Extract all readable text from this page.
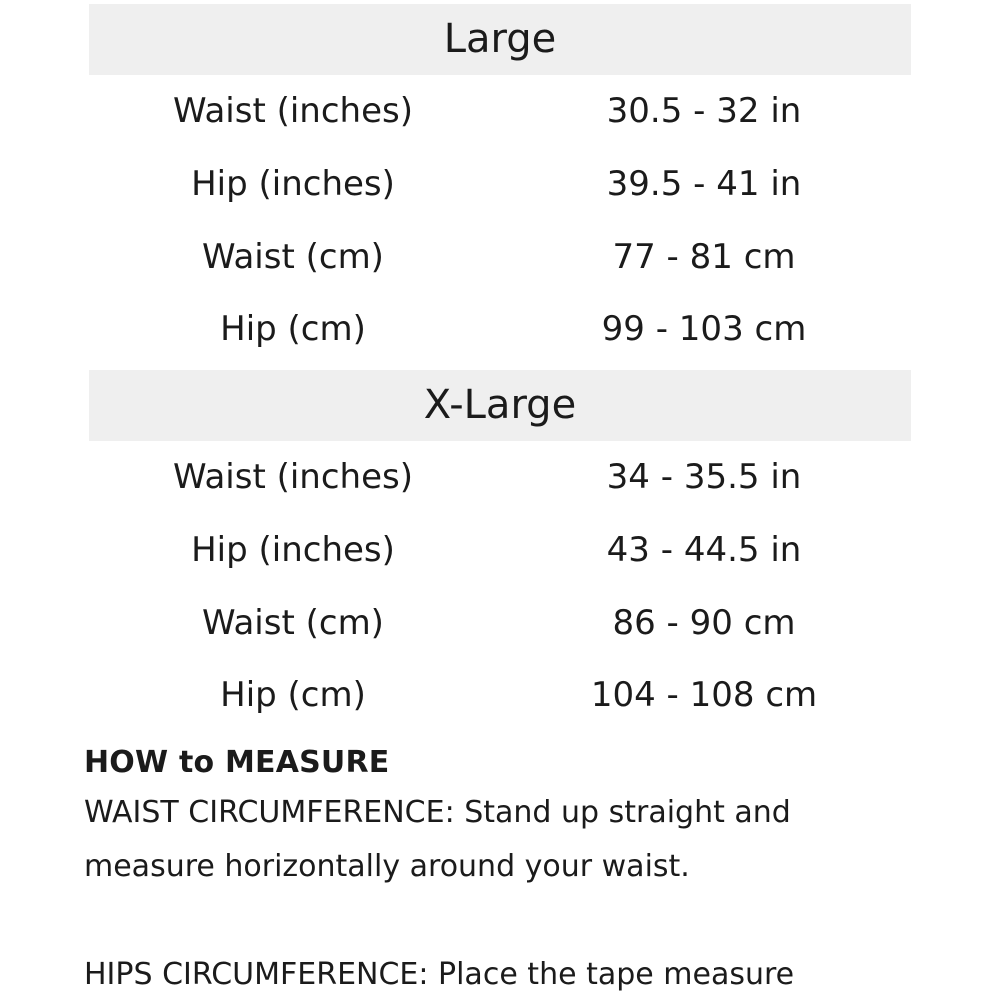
Large
Waist (inches)	30.5 - 32 in
Hip (inches)	39.5 - 41 in
Waist (cm)	77 - 81 cm
Hip (cm)	99 - 103 cm
X-Large
Waist (inches)	34 - 35.5 in
Hip (inches)	43 - 44.5 in
Waist (cm)	86 - 90 cm
Hip (cm)	104 - 108 cm
HOW to MEASURE

WAIST CIRCUMFERENCE: Stand up straight and

measure horizontally around your waist.

HIPS CIRCUMFERENCE: Place the tape measure
